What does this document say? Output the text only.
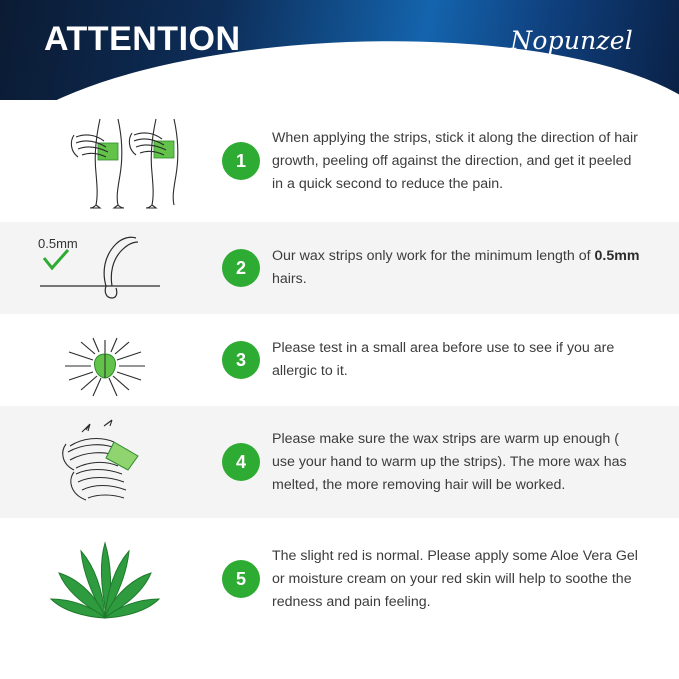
ATTENTION	Nopunzel
1
When applying the strips, stick it along the direction of hair growth, peeling off against the direction, and get it peeled in a quick second to reduce the pain.
0.5mm
2
Our wax strips only work for the minimum length of 0.5mm hairs.
3
Please test in a small area before use to see if you are allergic to it.
4
Please make sure the wax strips are warm up enough ( use your hand to warm up the strips). The more wax has melted, the more removing hair will be worked.
5
The slight red is normal. Please apply some Aloe Vera Gel or moisture cream on your red skin will help to soothe the redness and pain feeling.
